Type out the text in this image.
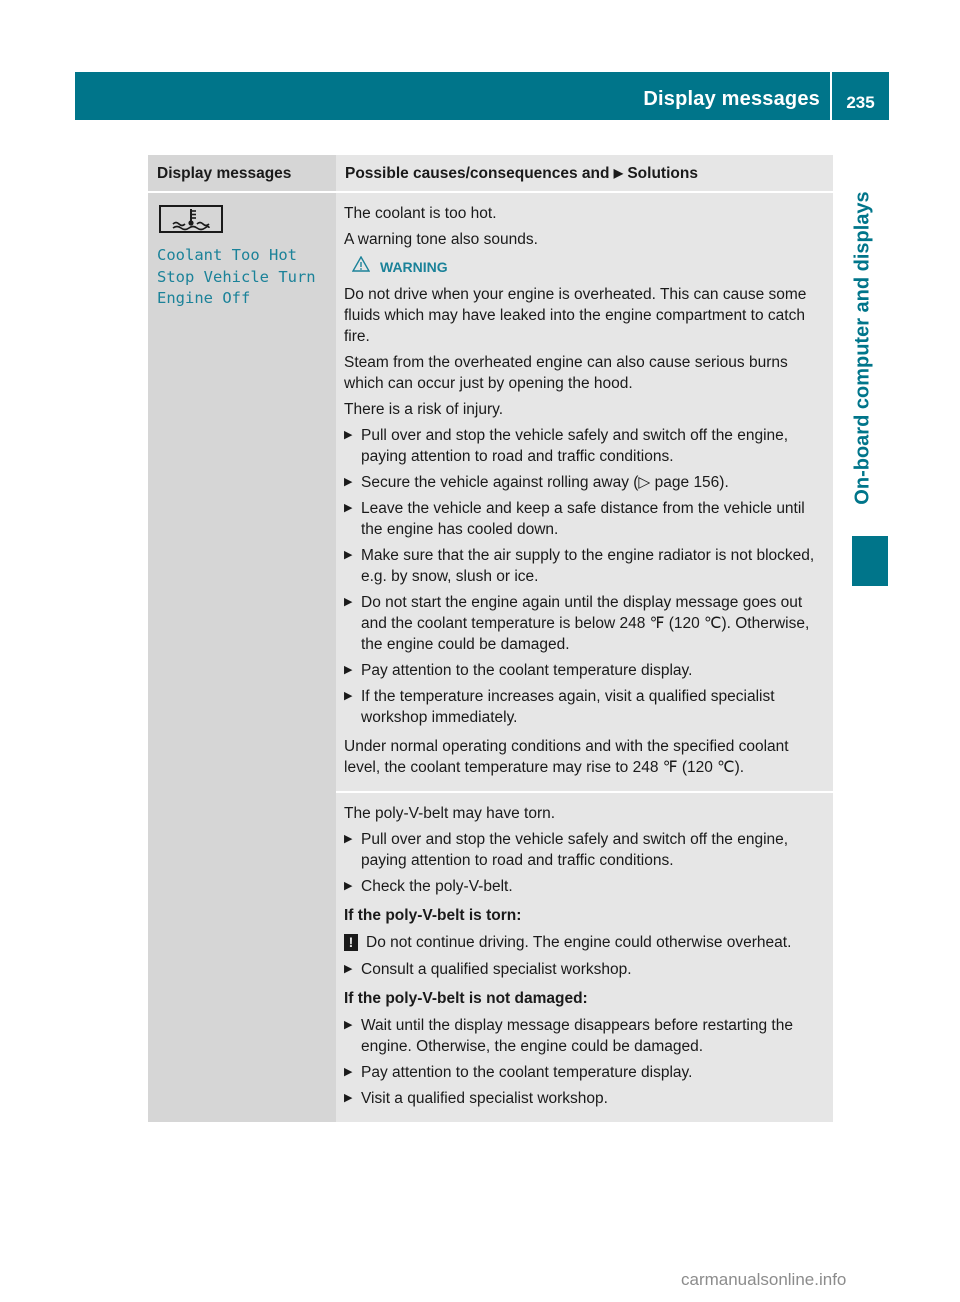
Display messages	235
On-board computer and displays
Display messages	Possible causes/consequences and ▶ Solutions

Coolant Too Hot
Stop Vehicle Turn
Engine Off

The coolant is too hot.

A warning tone also sounds.

WARNING

Do not drive when your engine is overheated. This can cause some fluids which may have leaked into the engine compartment to catch fire.

Steam from the overheated engine can also cause serious burns which can occur just by opening the hood.

There is a risk of injury.

▶ Pull over and stop the vehicle safely and switch off the engine, paying attention to road and traffic conditions.
▶ Secure the vehicle against rolling away (▷ page 156).
▶ Leave the vehicle and keep a safe distance from the vehicle until the engine has cooled down.
▶ Make sure that the air supply to the engine radiator is not blocked, e.g. by snow, slush or ice.
▶ Do not start the engine again until the display message goes out and the coolant temperature is below 248 ℉ (120 ℃). Otherwise, the engine could be damaged.
▶ Pay attention to the coolant temperature display.
▶ If the temperature increases again, visit a qualified specialist workshop immediately.

Under normal operating conditions and with the specified coolant level, the coolant temperature may rise to 248 ℉ (120 ℃).

The poly-V-belt may have torn.

▶ Pull over and stop the vehicle safely and switch off the engine, paying attention to road and traffic conditions.
▶ Check the poly-V-belt.

If the poly-V-belt is torn:

! Do not continue driving. The engine could otherwise overheat.
▶ Consult a qualified specialist workshop.

If the poly-V-belt is not damaged:

▶ Wait until the display message disappears before restarting the engine. Otherwise, the engine could be damaged.
▶ Pay attention to the coolant temperature display.
▶ Visit a qualified specialist workshop.
carmanualsonline.info
